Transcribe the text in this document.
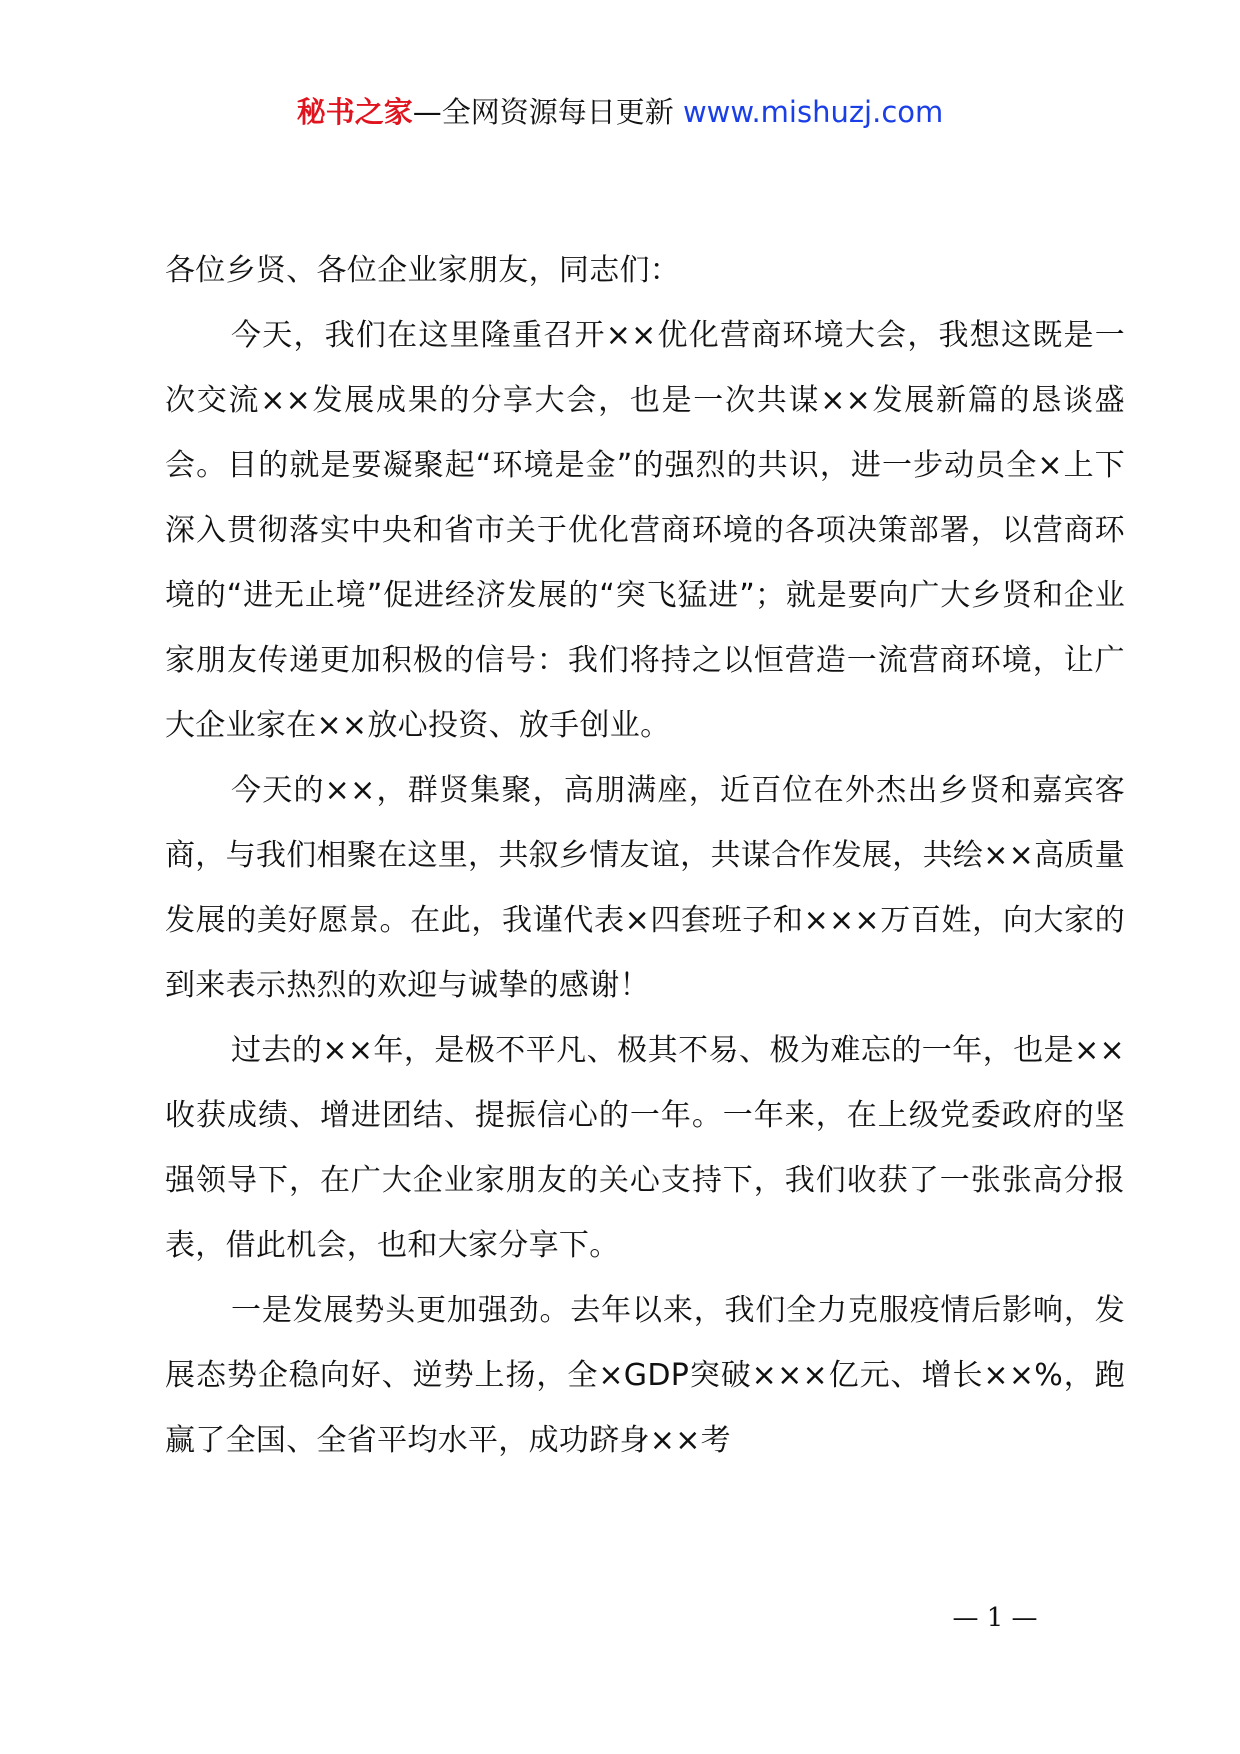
秘书之家—全网资源每日更新 www.mishuzj.com

各位乡贤、各位企业家朋友，同志们：

今天，我们在这里隆重召开××优化营商环境大会，我想这既是一次交流××发展成果的分享大会，也是一次共谋××发展新篇的恳谈盛会。目的就是要凝聚起“环境是金”的强烈的共识，进一步动员全×上下深入贯彻落实中央和省市关于优化营商环境的各项决策部署，以营商环境的“进无止境”促进经济发展的“突飞猛进”；就是要向广大乡贤和企业家朋友传递更加积极的信号：我们将持之以恒营造一流营商环境，让广大企业家在××放心投资、放手创业。

今天的××，群贤集聚，高朋满座，近百位在外杰出乡贤和嘉宾客商，与我们相聚在这里，共叙乡情友谊，共谋合作发展，共绘××高质量发展的美好愿景。在此，我谨代表×四套班子和×××万百姓，向大家的到来表示热烈的欢迎与诚挚的感谢！

过去的××年，是极不平凡、极其不易、极为难忘的一年，也是××收获成绩、增进团结、提振信心的一年。一年来，在上级党委政府的坚强领导下，在广大企业家朋友的关心支持下，我们收获了一张张高分报表，借此机会，也和大家分享下。

一是发展势头更加强劲。去年以来，我们全力克服疫情后影响，发展态势企稳向好、逆势上扬，全×GDP突破×××亿元、增长××%，跑赢了全国、全省平均水平，成功跻身××考

— 1 —
